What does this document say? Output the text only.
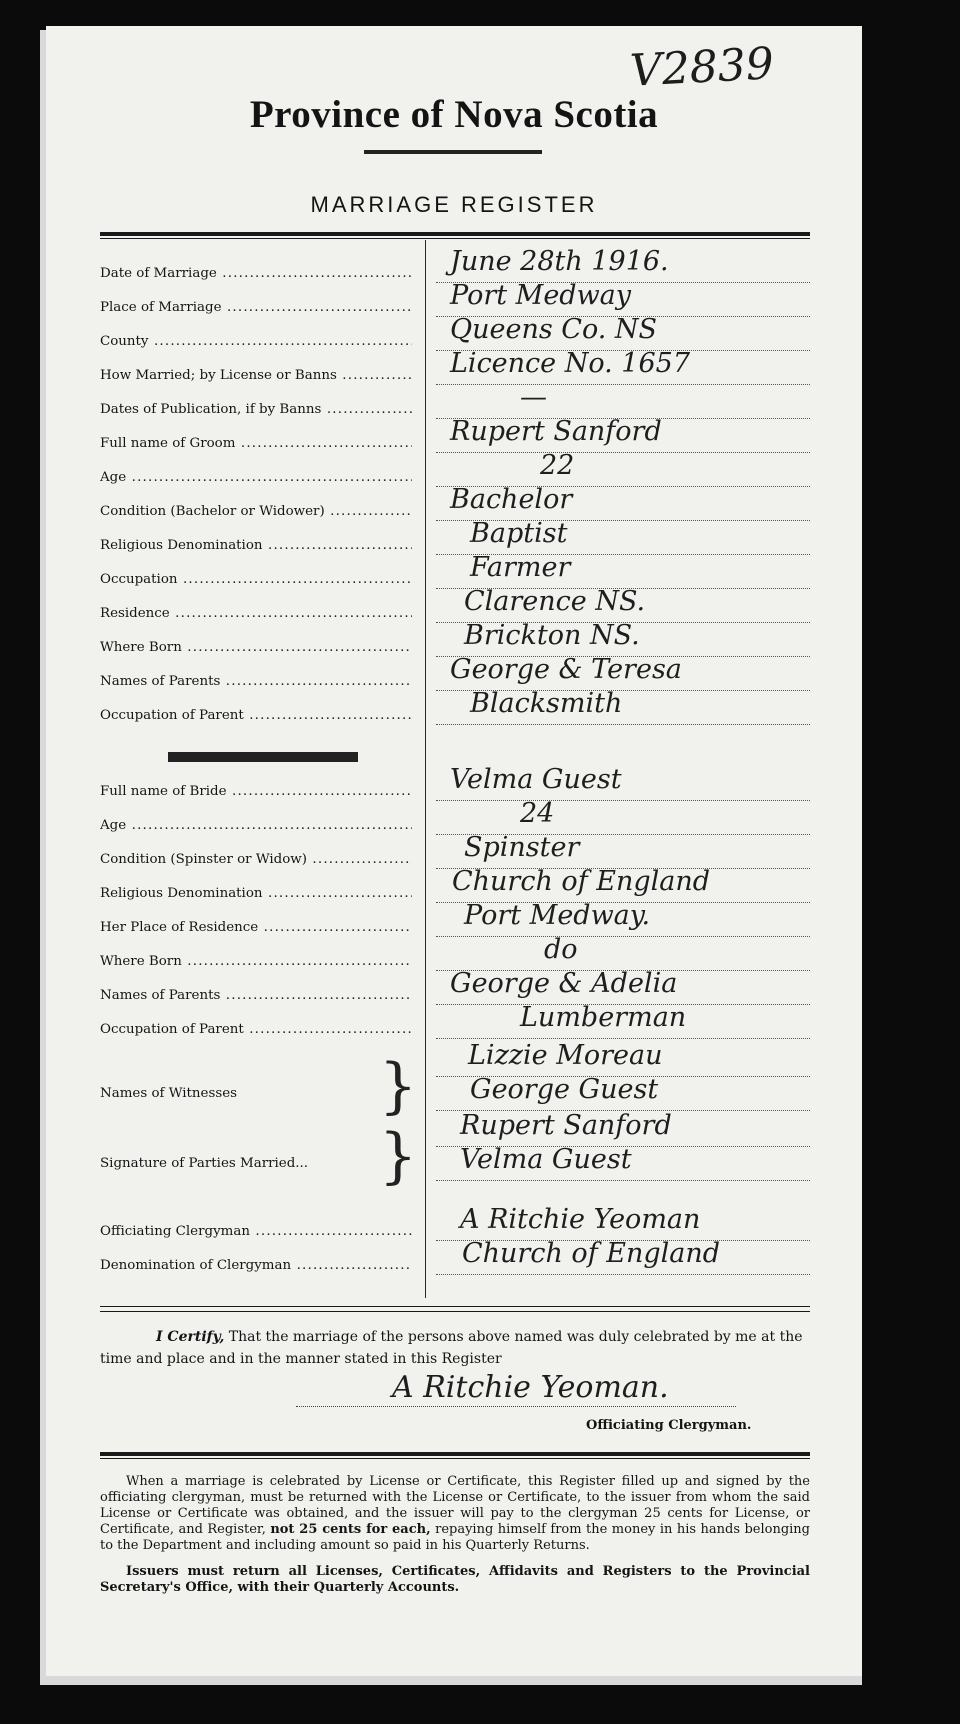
V2839
Province of Nova Scotia
MARRIAGE REGISTER
Date of Marriage .....	June 28th 1916.
Place of Marriage .....	Port Medway
County .....	Queens Co. NS
How Married; by License or Banns .....	Licence No. 1657
Dates of Publication, if by Banns .....	—
Full name of Groom .....	Rupert Sanford
Age .....	22
Condition (Bachelor or Widower) .....	Bachelor
Religious Denomination .....	Baptist
Occupation .....	Farmer
Residence .....	Clarence NS.
Where Born .....	Brickton NS.
Names of Parents .....	George & Teresa
Occupation of Parent .....	Blacksmith
Full name of Bride .....	Velma Guest
Age .....	24
Condition (Spinster or Widow) .....	Spinster
Religious Denomination .....	Church of England
Her Place of Residence .....	Port Medway.
Where Born .....	do
Names of Parents .....	George & Adelia
Occupation of Parent .....	Lumberman
Names of Witnesses } Lizzie Moreau
George Guest
Signature of Parties Married... } Rupert Sanford
Velma Guest
Officiating Clergyman .....	A Ritchie Yeoman
Denomination of Clergyman .....	Church of England
I Certify, That the marriage of the persons above named was duly celebrated by me at the time and place and in the manner stated in this Register
A Ritchie Yeoman.
Officiating Clergyman.

When a marriage is celebrated by License or Certificate, this Register filled up and signed by the officiating clergyman, must be returned with the License or Certificate, to the issuer from whom the said License or Certificate was obtained, and the issuer will pay to the clergyman 25 cents for License, or Certificate, and Register, not 25 cents for each, repaying himself from the money in his hands belonging to the Department and including amount so paid in his Quarterly Returns.

Issuers must return all Licenses, Certificates, Affidavits and Registers to the Provincial Secretary's Office, with their Quarterly Accounts.
